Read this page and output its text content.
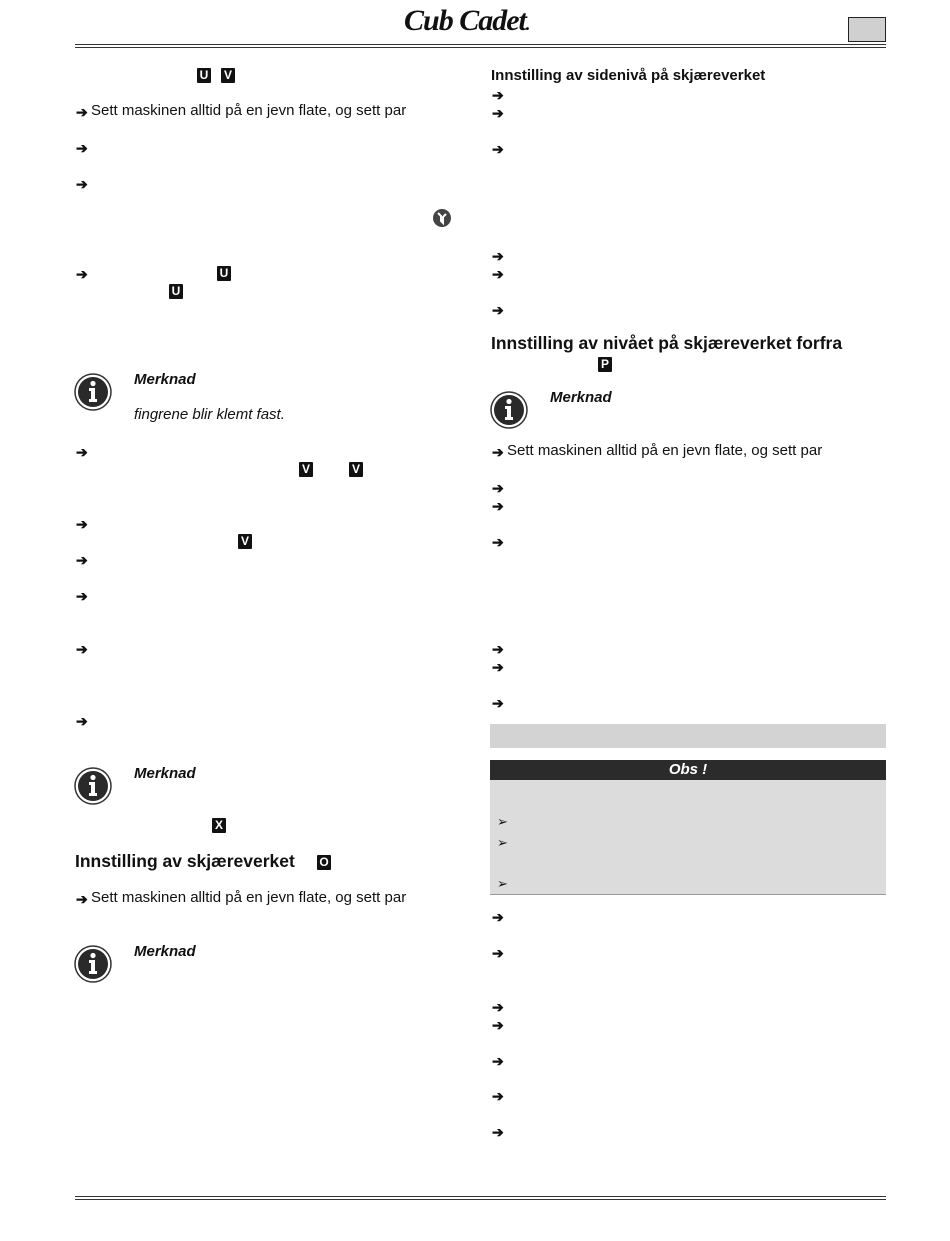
Cub Cadet.
U V
➔ Sett maskinen alltid på en jevn flate, og sett par
➔
➔
➔	U
U
Merknad
fingrene blir klemt fast.
➔
V	V
➔
V
➔
➔
➔
➔
Merknad
X
Innstilling av skjæreverket O
➔ Sett maskinen alltid på en jevn flate, og sett par
Merknad
Innstilling av sidenivå på skjæreverket
➔
➔
➔
➔
➔
➔
Innstilling av nivået på skjæreverket forfra
P
Merknad
➔ Sett maskinen alltid på en jevn flate, og sett par
➔
➔
➔
➔
➔
➔
Obs !
➢
➢
➢
➔
➔
➔
➔
➔
➔
➔
